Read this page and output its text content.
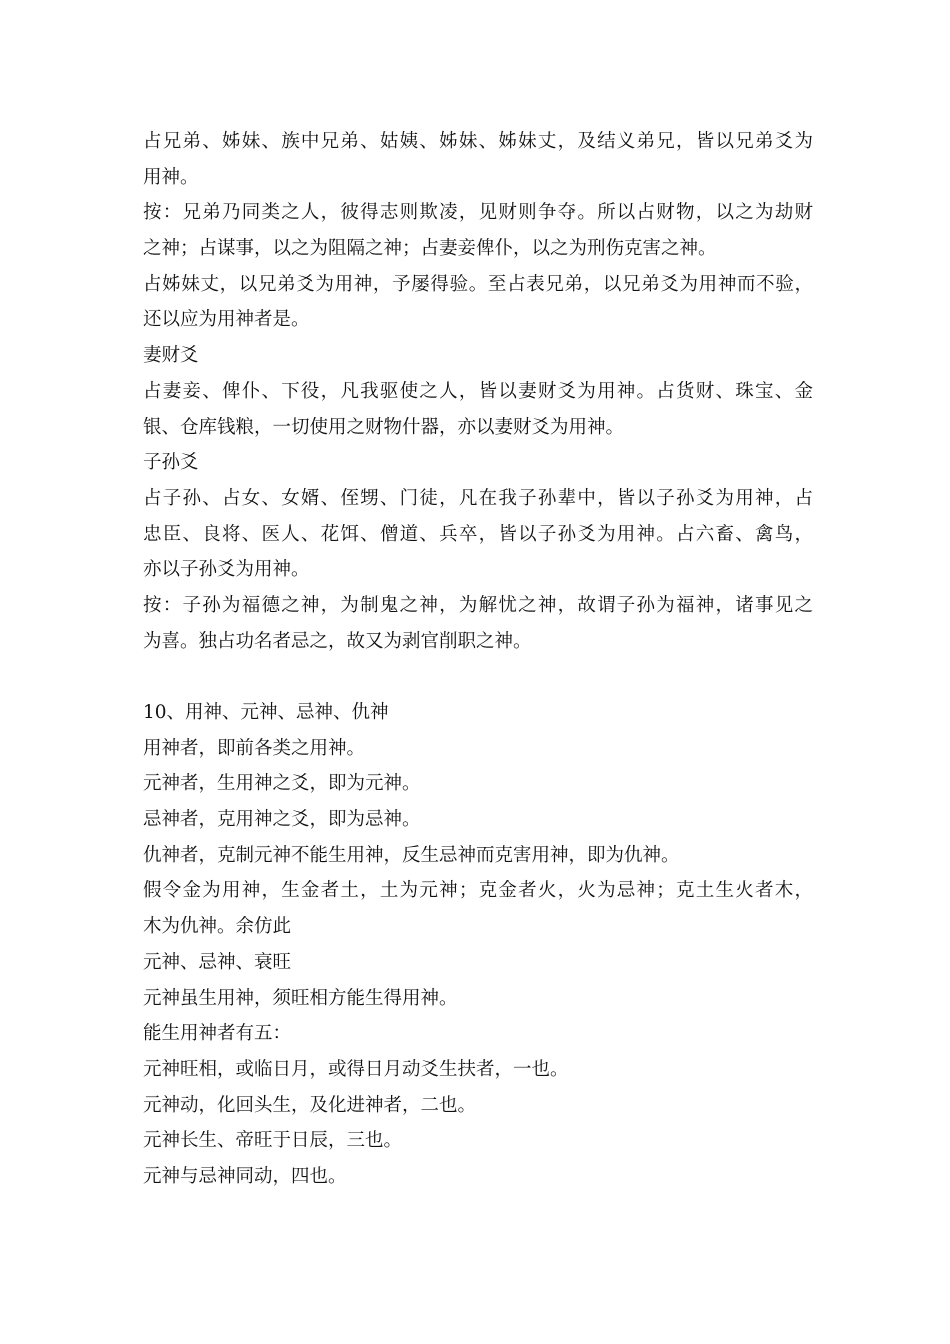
占兄弟、姊妹、族中兄弟、姑姨、姊妹、姊妹丈，及结义弟兄，皆以兄弟爻为
用神。
按：兄弟乃同类之人，彼得志则欺凌，见财则争夺。所以占财物，以之为劫财
之神；占谋事，以之为阻隔之神；占妻妾俾仆，以之为刑伤克害之神。
占姊妹丈，以兄弟爻为用神，予屡得验。至占表兄弟，以兄弟爻为用神而不验，
还以应为用神者是。
妻财爻
占妻妾、俾仆、下役，凡我驱使之人，皆以妻财爻为用神。占货财、珠宝、金
银、仓库钱粮，一切使用之财物什器，亦以妻财爻为用神。
子孙爻
占子孙、占女、女婿、侄甥、门徒，凡在我子孙辈中，皆以子孙爻为用神，占
忠臣、良将、医人、花饵、僧道、兵卒，皆以子孙爻为用神。占六畜、禽鸟，
亦以子孙爻为用神。
按：子孙为福德之神，为制鬼之神，为解忧之神，故谓子孙为福神，诸事见之
为喜。独占功名者忌之，故又为剥官削职之神。
10、用神、元神、忌神、仇神
用神者，即前各类之用神。
元神者，生用神之爻，即为元神。
忌神者，克用神之爻，即为忌神。
仇神者，克制元神不能生用神，反生忌神而克害用神，即为仇神。
假令金为用神，生金者土，土为元神；克金者火，火为忌神；克土生火者木，
木为仇神。余仿此
元神、忌神、衰旺
元神虽生用神，须旺相方能生得用神。
能生用神者有五：
元神旺相，或临日月，或得日月动爻生扶者，一也。
元神动，化回头生，及化进神者，二也。
元神长生、帝旺于日辰，三也。
元神与忌神同动，四也。
